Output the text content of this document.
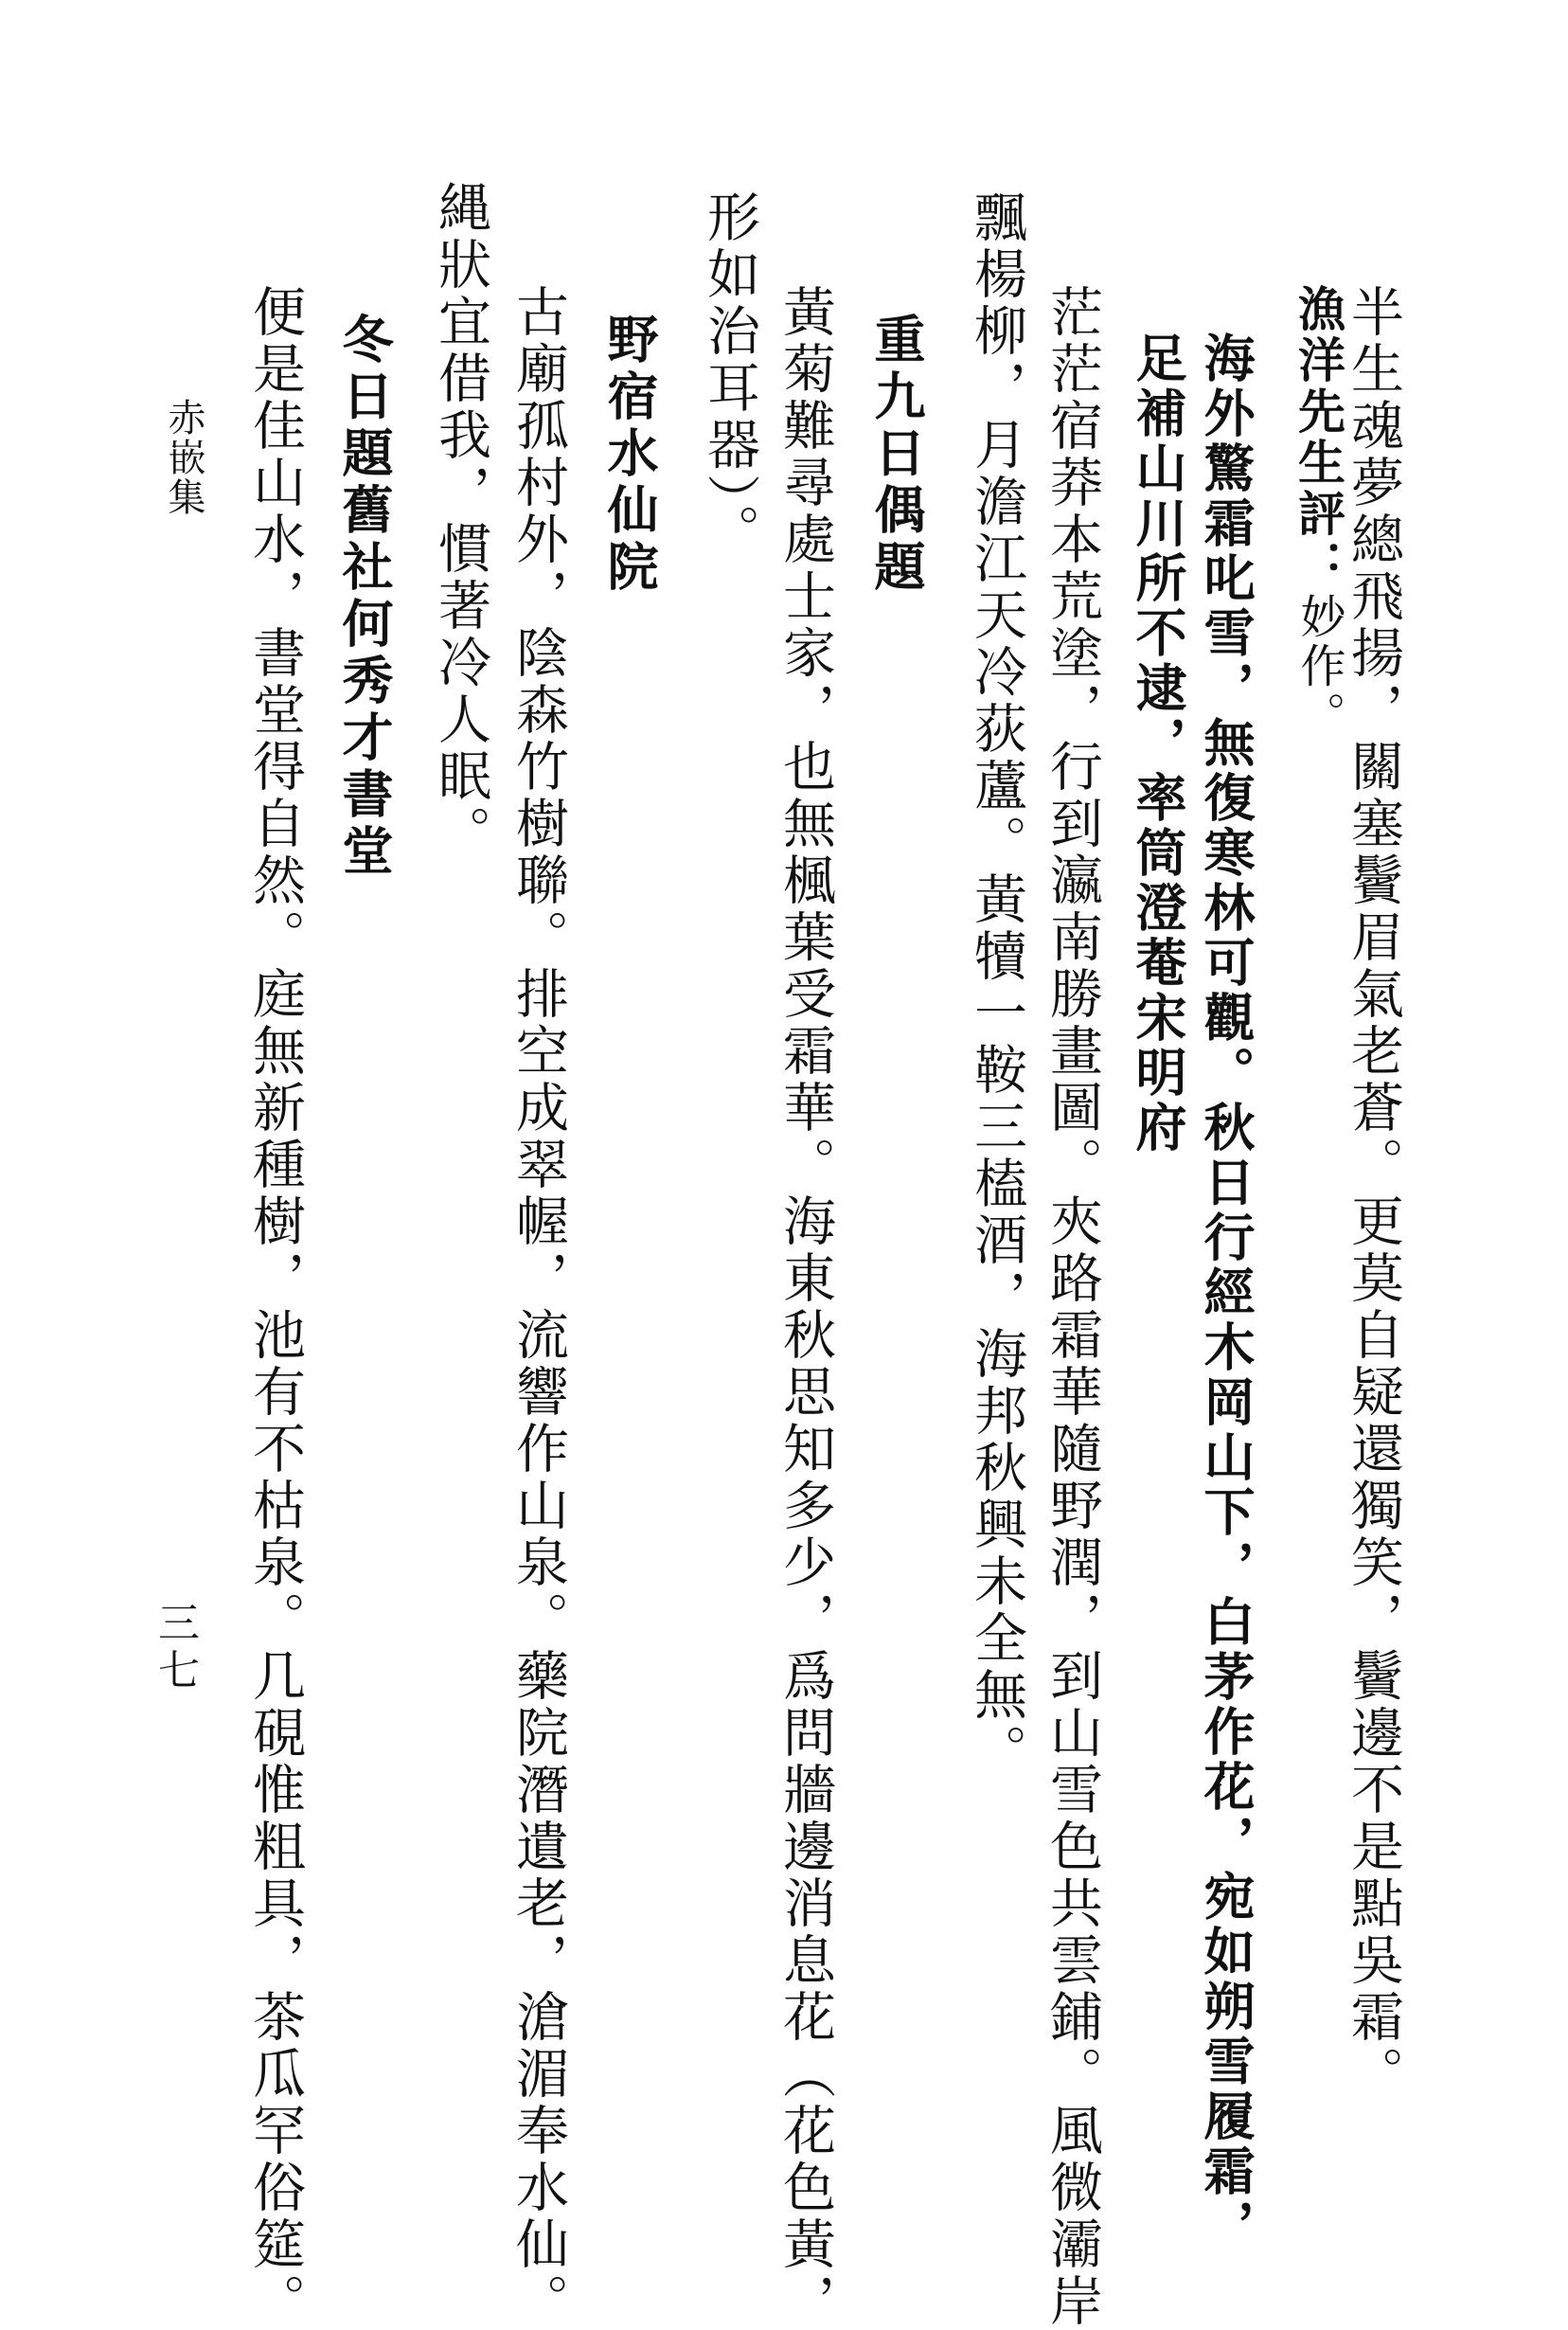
半生魂夢總飛揚，關塞鬢眉氣老蒼。更莫自疑還獨笑，鬢邊不是點吳霜。
漁洋先生評：
妙作。
海外驚霜叱雪，無復寒林可觀。秋日行經木岡山下，白茅作花，宛如朔雪履霜，
足補山川所不逮，率筒澄菴宋明府
茫茫宿莽本荒塗，行到瀛南勝畫圖。夾路霜華隨野潤，到山雪色共雲鋪。風微灞岸
飄楊柳，月澹江天冷荻蘆。黃犢一鞍三榼酒，海邦秋興未全無。
重九日偶題
黃菊難尋處士家，也無楓葉受霜華。海東秋思知多少，爲問牆邊消息花（花色黃，
形如治耳器）。
野宿水仙院
古廟孤村外，陰森竹樹聯。排空成翠幄，流響作山泉。藥院潛遺老，滄湄奉水仙。
縄狀宜借我，慣著冷人眠。
冬日題舊社何秀才書堂
便是佳山水，書堂得自然。庭無新種樹，池有不枯泉。几硯惟粗具，茶瓜罕俗筵。
赤嵌集
三七
